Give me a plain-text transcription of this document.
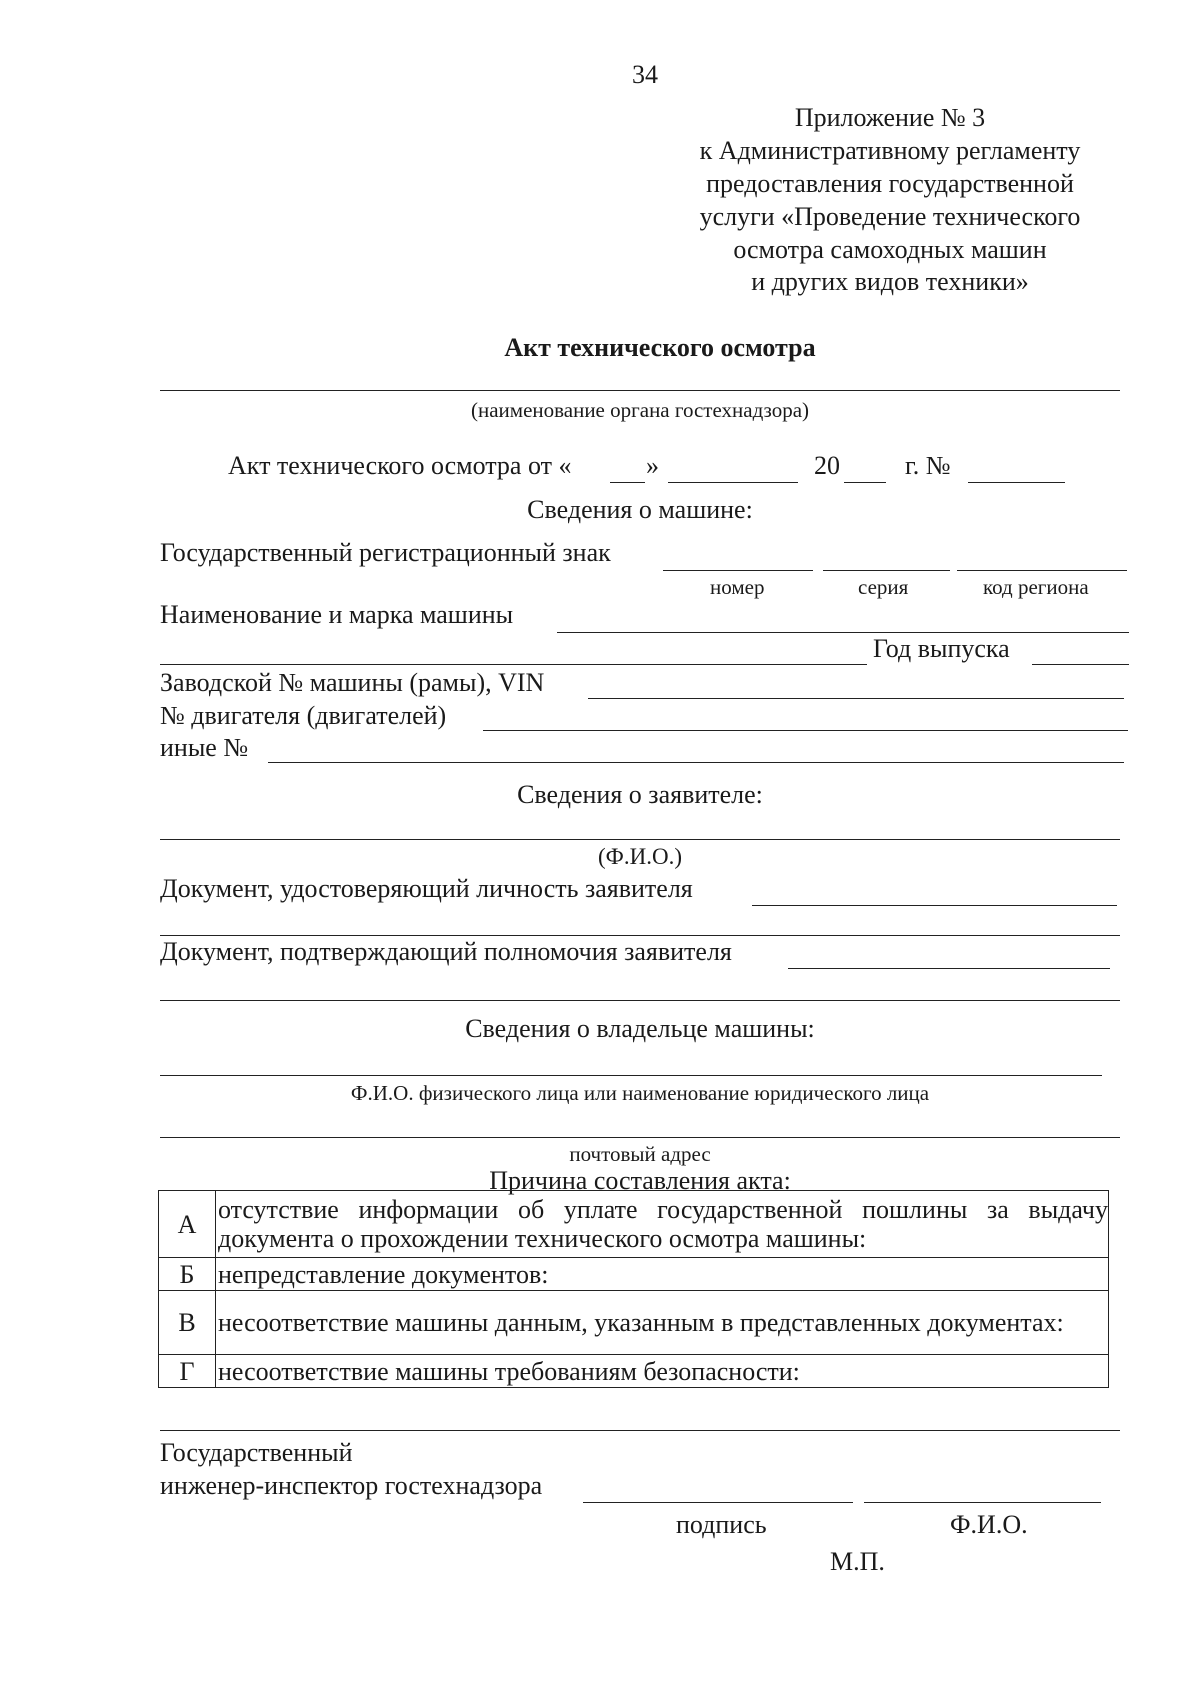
34
Приложение № 3
к Административному регламенту
предоставления государственной
услуги «Проведение технического
осмотра самоходных машин
и других видов техники»
Акт технического осмотра
(наименование органа гостехнадзора)
Акт технического осмотра от «	»	20	г. №
Сведения о машине:
Государственный регистрационный знак
номер	серия	код региона
Наименование и марка машины
Год выпуска
Заводской № машины (рамы), VIN
№ двигателя (двигателей)
иные №
Сведения о заявителе:
(Ф.И.О.)
Документ, удостоверяющий личность заявителя
Документ, подтверждающий полномочия заявителя
Сведения о владельце машины:
Ф.И.О. физического лица или наименование юридического лица
почтовый адрес
Причина составления акта:
А	отсутствие информации об уплате государственной пошлины за выдачу документа о прохождении технического осмотра машины:
Б	непредставление документов:
В	несоответствие машины данным, указанным в представленных документах:
Г	несоответствие машины требованиям безопасности:
Государственный
инженер-инспектор гостехнадзора
подпись	Ф.И.О.
М.П.
